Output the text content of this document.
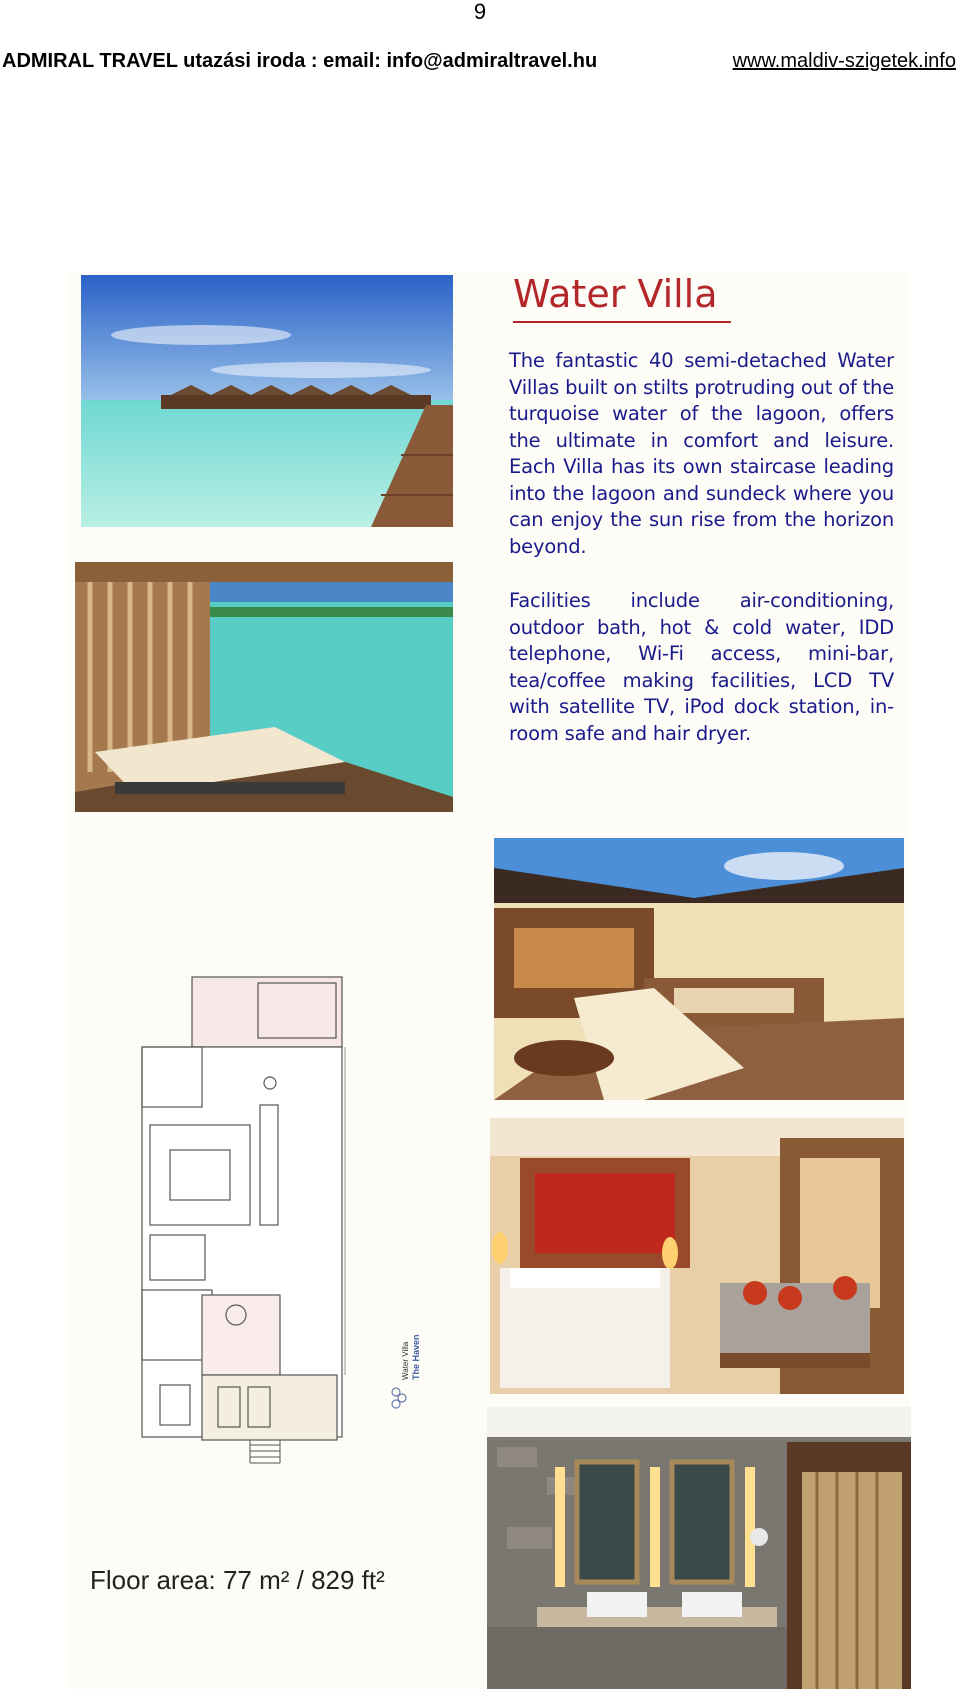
9
ADMIRAL TRAVEL utazási iroda : email: info@admiraltravel.hu	www.maldiv-szigetek.info
Water Villa
The fantastic 40 semi-detached Water Villas built on stilts protruding out of the turquoise water of the lagoon, offers the ultimate in comfort and leisure. Each Villa has its own staircase leading into the lagoon and sundeck where you can enjoy the sun rise from the horizon beyond.
Facilities include air-conditioning, outdoor bath, hot & cold water, IDD telephone, Wi-Fi access, mini-bar, tea/coffee making facilities, LCD TV with satellite TV, iPod dock station, in-room safe and hair dryer.
Water Villa The Haven
Floor area: 77 m² / 829 ft²
